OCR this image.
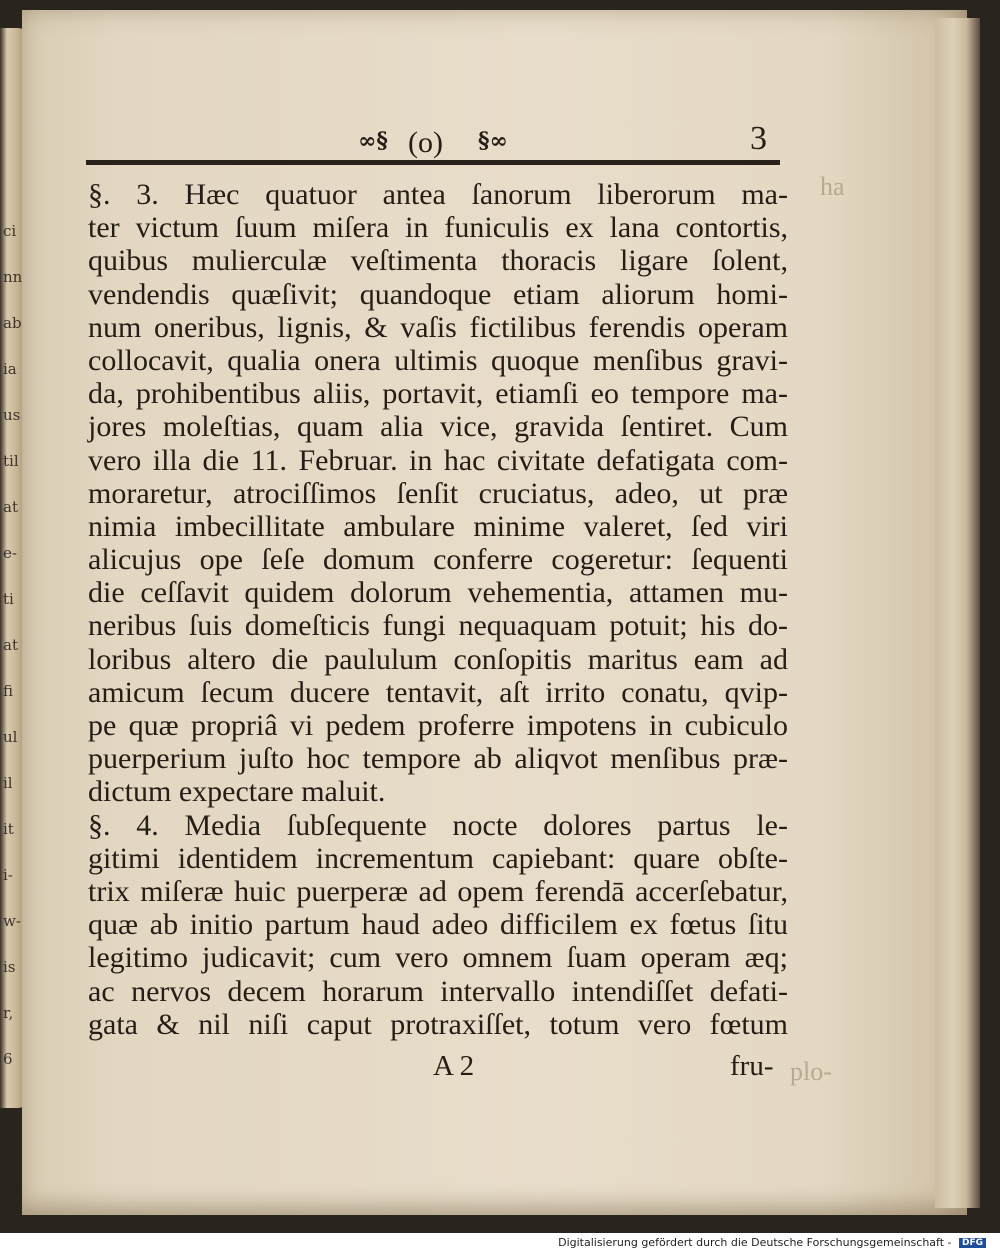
ci
nn
ab
ia
us
til
at
e-
ti
at
fi
ul
il
it
i-
w-
is
r,
6
∞§ (o) §∞	3
ha
plo-
§. 3. Hæc quatuor antea ſanorum liberorum ma-
ter victum ſuum miſera in funiculis ex lana contortis,
quibus mulierculæ veſtimenta thoracis ligare ſolent,
vendendis quæſivit; quandoque etiam aliorum homi-
num oneribus, lignis, & vaſis fictilibus ferendis operam
collocavit, qualia onera ultimis quoque menſibus gravi-
da, prohibentibus aliis, portavit, etiamſi eo tempore ma-
jores moleſtias, quam alia vice, gravida ſentiret. Cum
vero illa die 11. Februar. in hac civitate defatigata com-
moraretur, atrociſſimos ſenſit cruciatus, adeo, ut præ
nimia imbecillitate ambulare minime valeret, ſed viri
alicujus ope ſeſe domum conferre cogeretur: ſequenti
die ceſſavit quidem dolorum vehementia, attamen mu-
neribus ſuis domeſticis fungi nequaquam potuit; his do-
loribus altero die paululum conſopitis maritus eam ad
amicum ſecum ducere tentavit, aſt irrito conatu, qvip-
pe quæ propriâ vi pedem proferre impotens in cubiculo
puerperium juſto hoc tempore ab aliqvot menſibus præ-
dictum expectare maluit.
§. 4. Media ſubſequente nocte dolores partus le-
gitimi identidem incrementum capiebant: quare obſte-
trix miſeræ huic puerperæ ad opem ferendā accerſebatur,
quæ ab initio partum haud adeo difficilem ex fœtus ſitu
legitimo judicavit; cum vero omnem ſuam operam æq;
ac nervos decem horarum intervallo intendiſſet defati-
gata & nil niſi caput protraxiſſet, totum vero fœtum
A 2	fru-
Digitalisierung gefördert durch die Deutsche Forschungsgemeinschaft - DFG
